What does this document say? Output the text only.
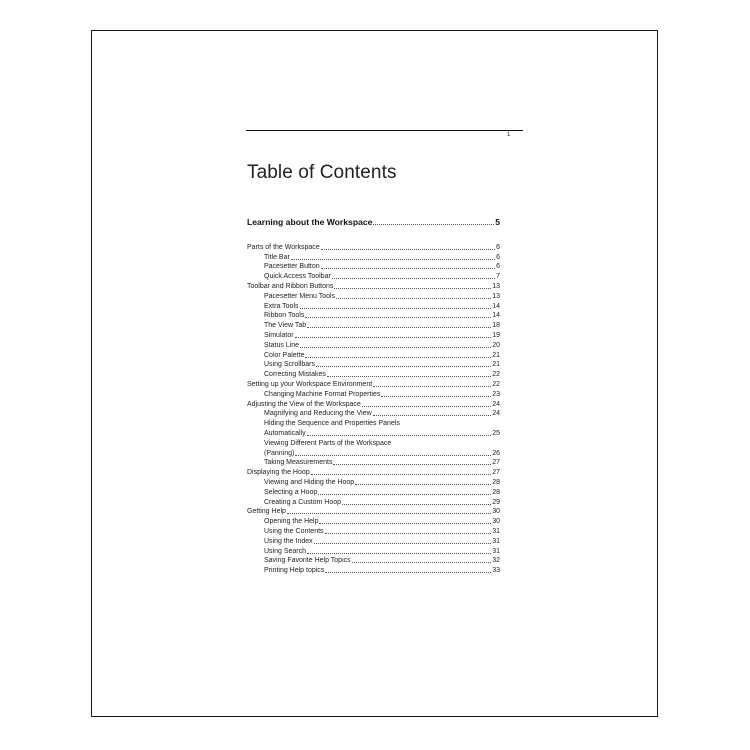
1
Table of Contents
Learning about the Workspace	5
Parts of the Workspace	6
Title Bar	6
Pacesetter Button	6
Quick Access Toolbar	7
Toolbar and Ribbon Buttons	13
Pacesetter Menu Tools	13
Extra Tools	14
Ribbon Tools	14
The View Tab	18
Simulator	19
Status Line	20
Color Palette	21
Using Scrollbars	21
Correcting Mistakes	22
Setting up your Workspace Environment	22
Changing Machine Format Properties	23
Adjusting the View of the Workspace	24
Magnifying and Reducing the View	24
Hiding the Sequence and Properties Panels
Automatically	25
Viewing Different Parts of the Workspace
(Panning)	26
Taking Measurements	27
Displaying the Hoop	27
Viewing and Hiding the Hoop	28
Selecting a Hoop	28
Creating a Custom Hoop	29
Getting Help	30
Opening the Help	30
Using the Contents	31
Using the Index	31
Using Search	31
Saving Favorite Help Topics	32
Printing Help topics	33
